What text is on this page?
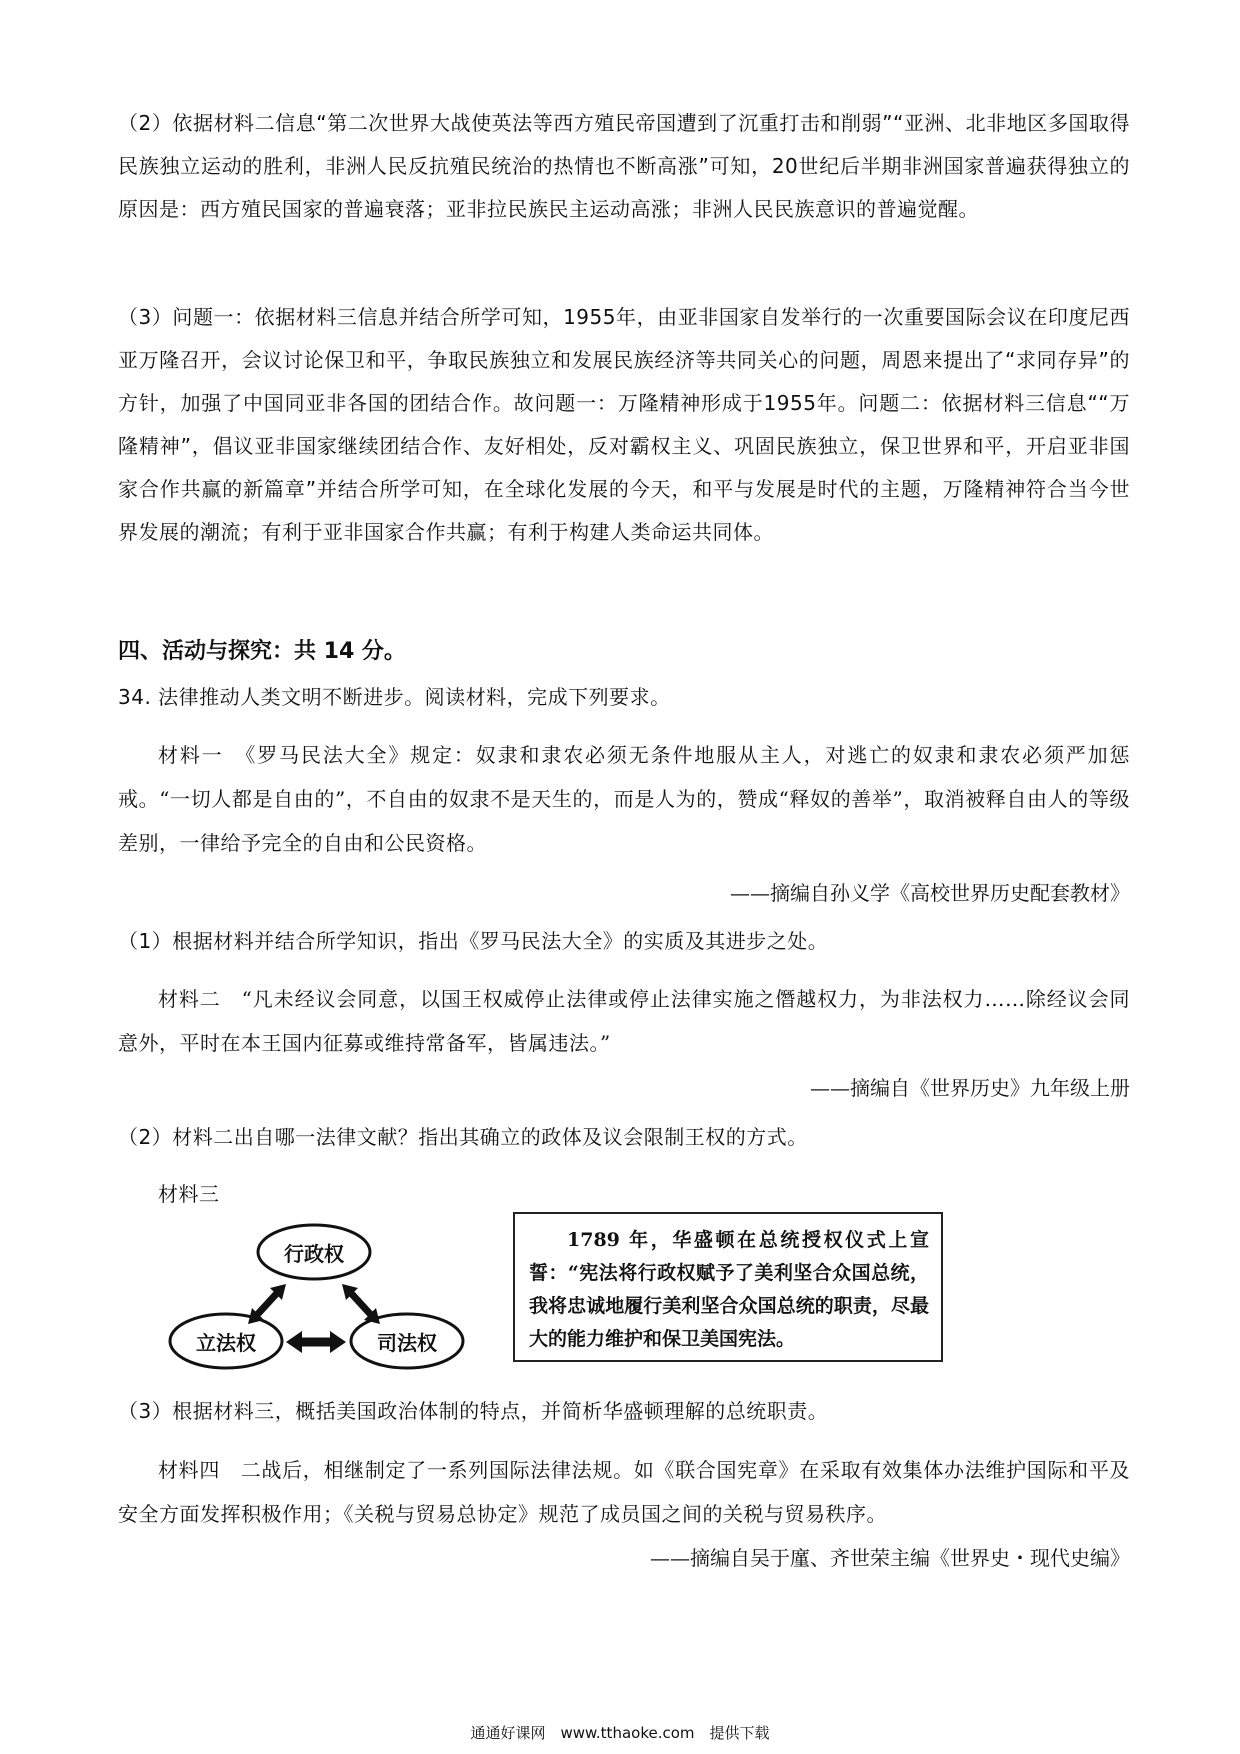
（2）依据材料二信息“第二次世界大战使英法等西方殖民帝国遭到了沉重打击和削弱”“亚洲、北非地区多国取得民族独立运动的胜利，非洲人民反抗殖民统治的热情也不断高涨”可知，20世纪后半期非洲国家普遍获得独立的原因是：西方殖民国家的普遍衰落；亚非拉民族民主运动高涨；非洲人民民族意识的普遍觉醒。
（3）问题一：依据材料三信息并结合所学可知，1955年，由亚非国家自发举行的一次重要国际会议在印度尼西亚万隆召开，会议讨论保卫和平，争取民族独立和发展民族经济等共同关心的问题，周恩来提出了“求同存异”的方针，加强了中国同亚非各国的团结合作。故问题一：万隆精神形成于1955年。问题二：依据材料三信息““万隆精神”，倡议亚非国家继续团结合作、友好相处，反对霸权主义、巩固民族独立，保卫世界和平，开启亚非国家合作共赢的新篇章”并结合所学可知，在全球化发展的今天，和平与发展是时代的主题，万隆精神符合当今世界发展的潮流；有利于亚非国家合作共赢；有利于构建人类命运共同体。
四、活动与探究：共 14 分。
34. 法律推动人类文明不断进步。阅读材料，完成下列要求。
材料一　《罗马民法大全》规定：奴隶和隶农必须无条件地服从主人，对逃亡的奴隶和隶农必须严加惩戒。“一切人都是自由的”，不自由的奴隶不是天生的，而是人为的，赞成“释奴的善举”，取消被释自由人的等级差别，一律给予完全的自由和公民资格。
——摘编自孙义学《高校世界历史配套教材》
（1）根据材料并结合所学知识，指出《罗马民法大全》的实质及其进步之处。
材料二　“凡未经议会同意，以国王权威停止法律或停止法律实施之僭越权力，为非法权力……除经议会同意外，平时在本王国内征募或维持常备军，皆属违法。”
——摘编自《世界历史》九年级上册
（2）材料二出自哪一法律文献？指出其确立的政体及议会限制王权的方式。
材料三
行政权
立法权	司法权
1789 年，华盛顿在总统授权仪式上宣誓：“宪法将行政权赋予了美利坚合众国总统，我将忠诚地履行美利坚合众国总统的职责，尽最大的能力维护和保卫美国宪法。
（3）根据材料三，概括美国政治体制的特点，并简析华盛顿理解的总统职责。
材料四　二战后，相继制定了一系列国际法律法规。如《联合国宪章》在采取有效集体办法维护国际和平及安全方面发挥积极作用；《关税与贸易总协定》规范了成员国之间的关税与贸易秩序。
——摘编自吴于廑、齐世荣主编《世界史・现代史编》
通通好课网　www.tthaoke.com　提供下载
